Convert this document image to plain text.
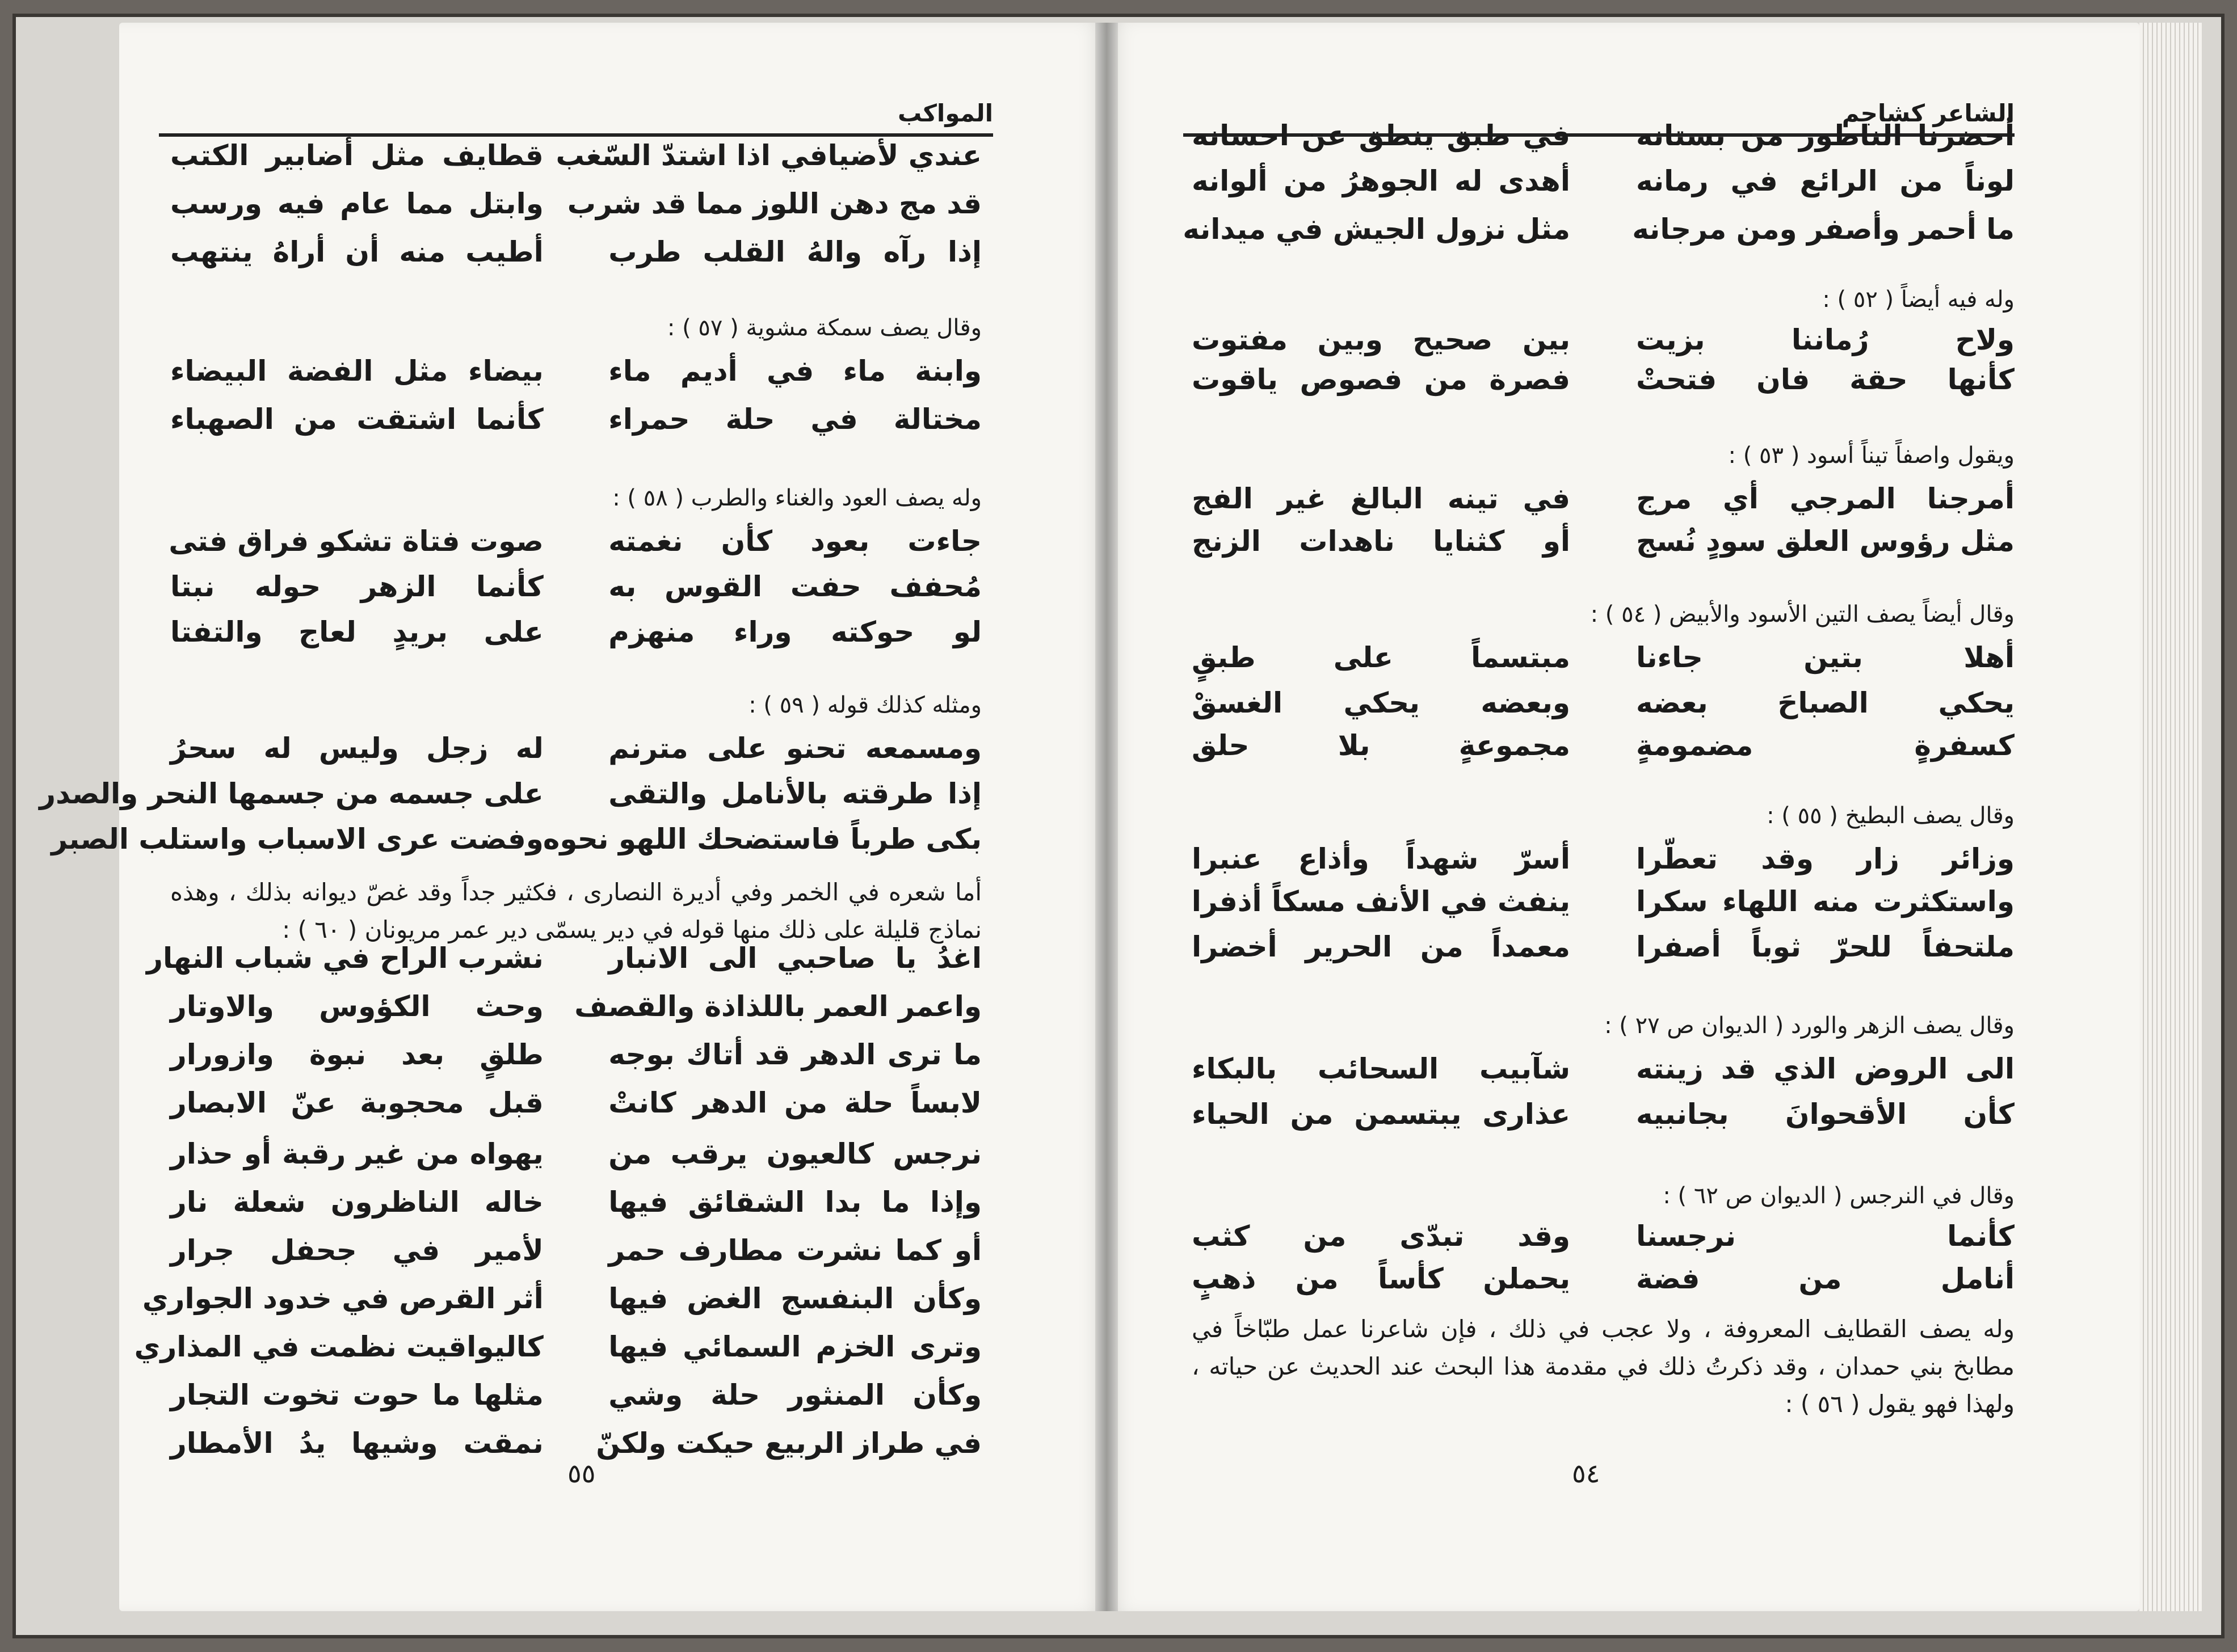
المواكب
عندي لأضيافي اذا اشتدّ السّغب
قطايف مثل أضابير الكتب
قد مج دهن اللوز مما قد شرب
وابتل مما عام فيه ورسب
إذا رآه والهُ القلب طرب
أطيب منه أن أراهُ ينتهب
وقال يصف سمكة مشوية ( ٥٧ ) :
وابنة ماء في أديم ماء
بيضاء مثل الفضة البيضاء
مختالة في حلة حمراء
كأنما اشتقت من الصهباء
وله يصف العود والغناء والطرب ( ٥٨ ) :
جاءت بعود كأن نغمته
صوت فتاة تشكو فراق فتى
مُحفف حفت القوس به
كأنما الزهر حوله نبتا
لو حوكته وراء منهزم
على بريدٍ لعاج والتفتا
ومثله كذلك قوله ( ٥٩ ) :
ومسمعه تحنو على مترنم
له زجل وليس له سحرُ
إذا طرقته بالأنامل والتقى
على جسمه من جسمها النحر والصدر
بكى طرباً فاستضحك اللهو نحوه
وفضت عرى الاسباب واستلب الصبر
أما شعره في الخمر وفي أديرة النصارى ، فكثير جداً وقد غصّ ديوانه بذلك ، وهذه نماذج قليلة على ذلك منها قوله في دير يسمّى دير عمر مريونان ( ٦٠ ) :
اغدُ يا صاحبي الى الانبار
نشرب الراح في شباب النهار
واعمر العمر باللذاذة والقصف
وحث الكؤوس والاوتار
ما ترى الدهر قد أتاك بوجه
طلقٍ بعد نبوة وازورار
لابساً حلة من الدهر كانتْ
قبل محجوبة عنّ الابصار
نرجس كالعيون يرقب من
يهواه من غير رقبة أو حذار
وإذا ما بدا الشقائق فيها
خاله الناظرون شعلة نار
أو كما نشرت مطارف حمر
لأمير في جحفل جرار
وكأن البنفسج الغض فيها
أثر القرص في خدود الجواري
وترى الخزم السمائي فيها
كاليواقيت نظمت في المذاري
وكأن المنثور حلة وشي
مثلها ما حوت تخوت التجار
في طراز الربيع حيكت ولكنّ
نمقت وشيها يدُ الأمطار
٥٥
الشاعر كشاجم
أحضرنا الناطور من بستانه
في طبق ينطق عن احسانه
لوناً من الرائع في رمانه
أهدى له الجوهرُ من ألوانه
ما أحمر وأصفر ومن مرجانه
مثل نزول الجيش في ميدانه
وله فيه أيضاً ( ٥٢ ) :
ولاح رُماننا بزيت
بين صحيح وبين مفتوت
كأنها حقة فان فتحتْ
فصرة من فصوص ياقوت
ويقول واصفاً تيناً أسود ( ٥٣ ) :
أمرجنا المرجي أي مرج
في تينه البالغ غير الفج
مثل رؤوس العلق سودٍ نُسج
أو كثنايا ناهدات الزنج
وقال أيضاً يصف التين الأسود والأبيض ( ٥٤ ) :
أهلا بتين جاءنا
مبتسماً على طبقٍ
يحكي الصباحَ بعضه
وبعضه يحكي الغسقْ
كسفرةٍ مضمومةٍ
مجموعةٍ بلا حلق
وقال يصف البطيخ ( ٥٥ ) :
وزائر زار وقد تعطّرا
أسرّ شهداً وأذاع عنبرا
واستكثرت منه اللهاء سكرا
ينفث في الأنف مسكاً أذفرا
ملتحفاً للحرّ ثوباً أصفرا
معمداً من الحرير أخضرا
وقال يصف الزهر والورد ( الديوان ص ٢٧ ) :
الى الروض الذي قد زينته
شآبيب السحائب بالبكاء
كأن الأقحوانَ بجانبيه
عذارى يبتسمن من الحياء
وقال في النرجس ( الديوان ص ٦٢ ) :
كأنما نرجسنا
وقد تبدّى من كثب
أنامل من فضة
يحملن كأساً من ذهبٍ
وله يصف القطايف المعروفة ، ولا عجب في ذلك ، فإن شاعرنا عمل طبّاخاً في مطابخ بني حمدان ، وقد ذكرتُ ذلك في مقدمة هذا البحث عند الحديث عن حياته ، ولهذا فهو يقول ( ٥٦ ) :
٥٤
